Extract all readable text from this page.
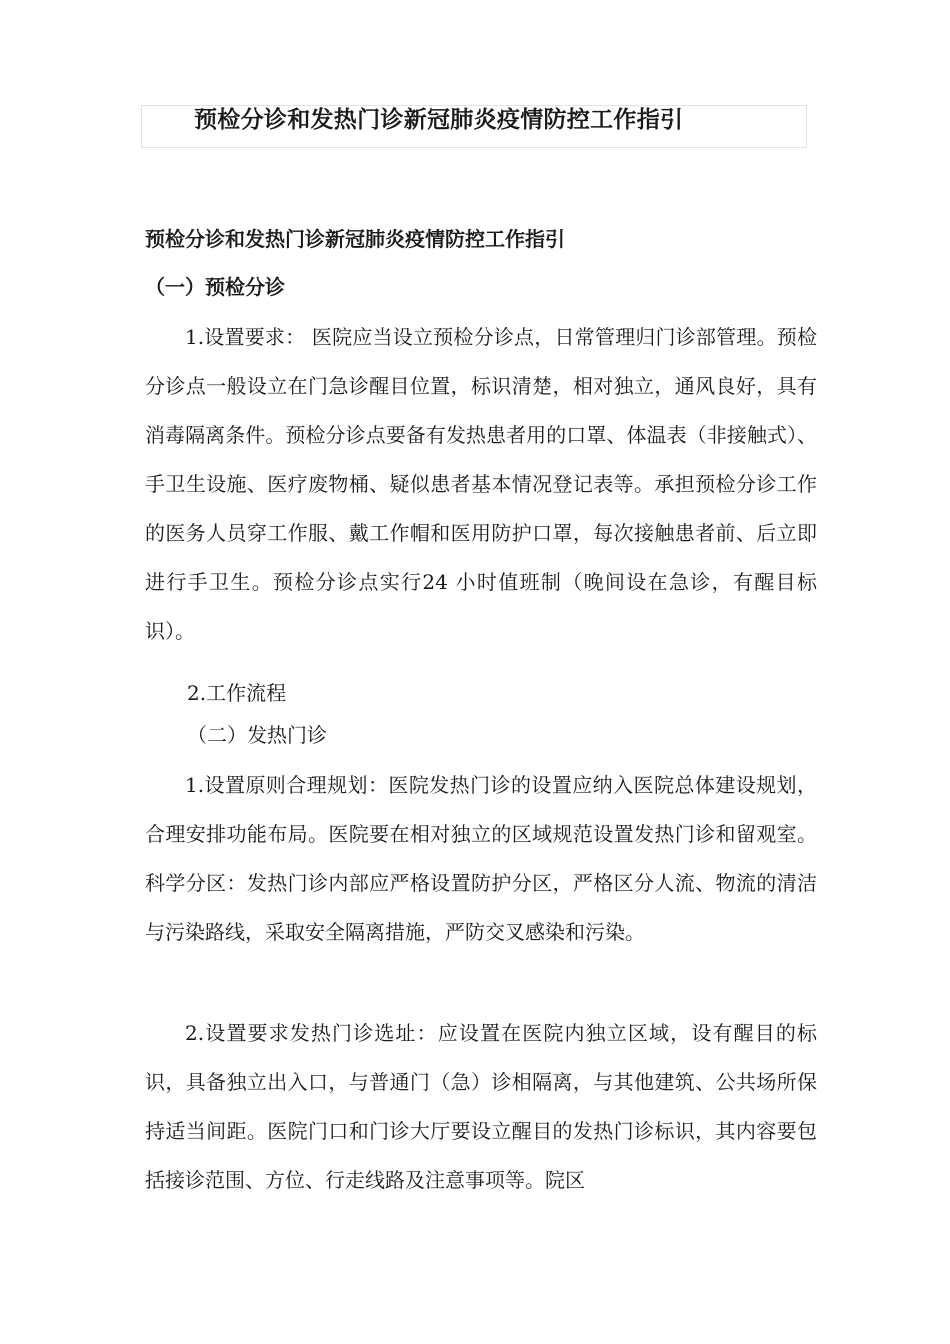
预检分诊和发热门诊新冠肺炎疫情防控工作指引
预检分诊和发热门诊新冠肺炎疫情防控工作指引
（一）预检分诊

1.设置要求： 医院应当设立预检分诊点，日常管理归门诊部管理。预检分诊点一般设立在门急诊醒目位置，标识清楚，相对独立，通风良好，具有消毒隔离条件。预检分诊点要备有发热患者用的口罩、体温表（非接触式）、手卫生设施、医疗废物桶、疑似患者基本情况登记表等。承担预检分诊工作的医务人员穿工作服、戴工作帽和医用防护口罩，每次接触患者前、后立即进行手卫生。预检分诊点实行24 小时值班制（晚间设在急诊，有醒目标识）。

2.工作流程
（二）发热门诊

1.设置原则合理规划：医院发热门诊的设置应纳入医院总体建设规划，合理安排功能布局。医院要在相对独立的区域规范设置发热门诊和留观室。科学分区：发热门诊内部应严格设置防护分区，严格区分人流、物流的清洁与污染路线，采取安全隔离措施，严防交叉感染和污染。

2.设置要求发热门诊选址：应设置在医院内独立区域，设有醒目的标识，具备独立出入口，与普通门（急）诊相隔离，与其他建筑、公共场所保持适当间距。医院门口和门诊大厅要设立醒目的发热门诊标识，其内容要包括接诊范围、方位、行走线路及注意事项等。院区
